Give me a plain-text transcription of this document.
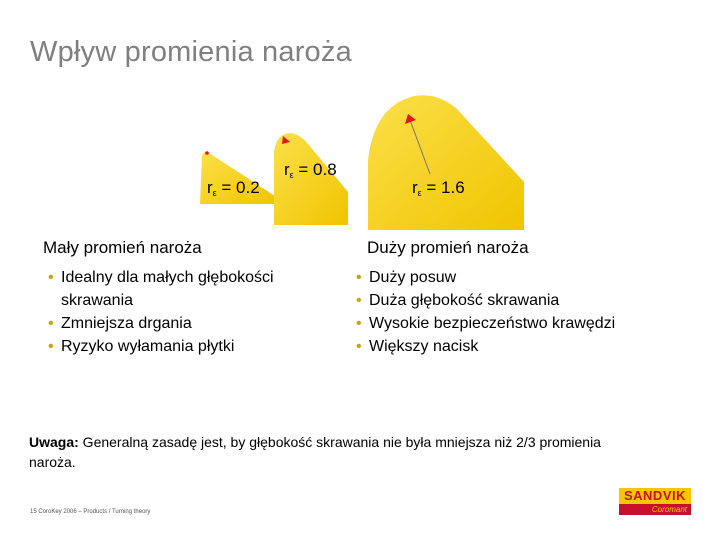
Wpływ promienia naroża
$r_\varepsilon = 0.2$
$r_\varepsilon = 0.8$
$r_\varepsilon = 1.6$
Mały promień naroża
• Idealny dla małych głębokości skrawania
• Zmniejsza drgania
• Ryzyko wyłamania płytki
Duży promień naroża
• Duży posuw
• Duża głębokość skrawania
• Wysokie bezpieczeństwo krawędzi
• Większy nacisk
Uwaga: Generalną zasadę jest, by głębokość skrawania nie była mniejsza niż 2/3 promienia naroża.
15 CoroKey 2006 – Products / Turning theory
SANDVIK
Coromant
